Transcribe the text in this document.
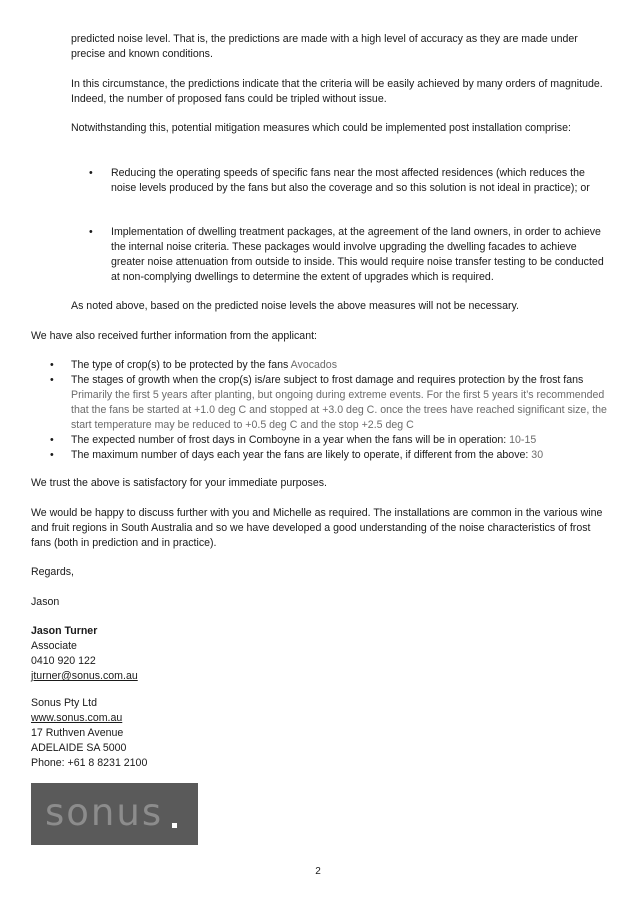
predicted noise level. That is, the predictions are made with a high level of accuracy as they are made under precise and known conditions.

In this circumstance, the predictions indicate that the criteria will be easily achieved by many orders of magnitude. Indeed, the number of proposed fans could be tripled without issue.

Notwithstanding this, potential mitigation measures which could be implemented post installation comprise:

• Reducing the operating speeds of specific fans near the most affected residences (which reduces the noise levels produced by the fans but also the coverage and so this solution is not ideal in practice); or
• Implementation of dwelling treatment packages, at the agreement of the land owners, in order to achieve the internal noise criteria. These packages would involve upgrading the dwelling facades to achieve greater noise attenuation from outside to inside. This would require noise transfer testing to be conducted at non-complying dwellings to determine the extent of upgrades which is required.

As noted above, based on the predicted noise levels the above measures will not be necessary.

We have also received further information from the applicant:

• The type of crop(s) to be protected by the fans Avocados
• The stages of growth when the crop(s) is/are subject to frost damage and requires protection by the frost fans Primarily the first 5 years after planting, but ongoing during extreme events. For the first 5 years it’s recommended that the fans be started at +1.0 deg C and stopped at +3.0 deg C. once the trees have reached significant size, the start temperature may be reduced to +0.5 deg C and the stop +2.5 deg C
• The expected number of frost days in Comboyne in a year when the fans will be in operation: 10-15
• The maximum number of days each year the fans are likely to operate, if different from the above: 30

We trust the above is satisfactory for your immediate purposes.

We would be happy to discuss further with you and Michelle as required. The installations are common in the various wine and fruit regions in South Australia and so we have developed a good understanding of the noise characteristics of frost fans (both in prediction and in practice).

Regards,

Jason

Jason Turner
Associate
0410 920 122
jturner@sonus.com.au
Sonus Pty Ltd
www.sonus.com.au
17 Ruthven Avenue
ADELAIDE SA 5000
Phone: +61 8 8231 2100
sonus
2
